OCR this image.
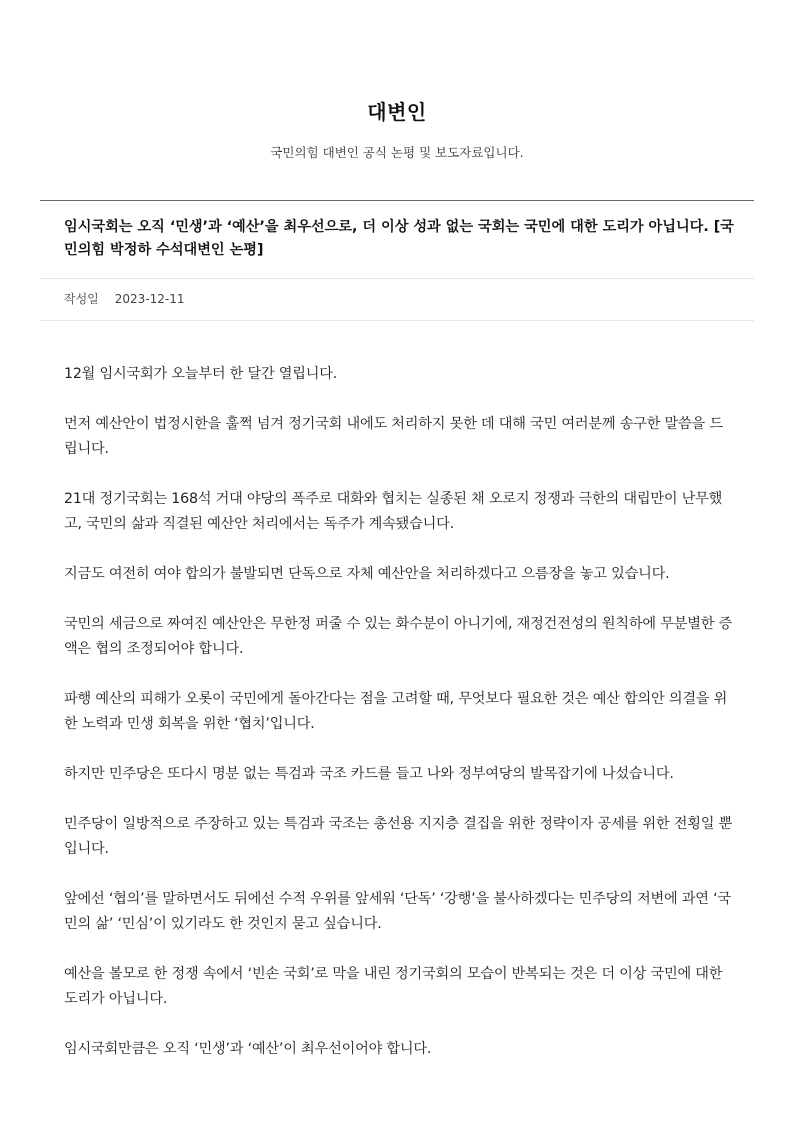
대변인
국민의힘 대변인 공식 논평 및 보도자료입니다.
임시국회는 오직 ‘민생’과 ‘예산’을 최우선으로, 더 이상 성과 없는 국회는 국민에 대한 도리가 아닙니다. [국민의힘 박정하 수석대변인 논평]
작성일 2023-12-11

12월 임시국회가 오늘부터 한 달간 열립니다.

먼저 예산안이 법정시한을 훌쩍 넘겨 정기국회 내에도 처리하지 못한 데 대해 국민 여러분께 송구한 말씀을 드립니다.

21대 정기국회는 168석 거대 야당의 폭주로 대화와 협치는 실종된 채 오로지 정쟁과 극한의 대립만이 난무했고, 국민의 삶과 직결된 예산안 처리에서는 독주가 계속됐습니다.

지금도 여전히 여야 합의가 불발되면 단독으로 자체 예산안을 처리하겠다고 으름장을 놓고 있습니다.

국민의 세금으로 짜여진 예산안은 무한정 퍼줄 수 있는 화수분이 아니기에, 재정건전성의 원칙하에 무분별한 증액은 협의 조정되어야 합니다.

파행 예산의 피해가 오롯이 국민에게 돌아간다는 점을 고려할 때, 무엇보다 필요한 것은 예산 합의안 의결을 위한 노력과 민생 회복을 위한 ‘협치’입니다.

하지만 민주당은 또다시 명분 없는 특검과 국조 카드를 들고 나와 정부여당의 발목잡기에 나섰습니다.

민주당이 일방적으로 주장하고 있는 특검과 국조는 총선용 지지층 결집을 위한 정략이자 공세를 위한 전횡일 뿐입니다.

앞에선 ‘협의’를 말하면서도 뒤에선 수적 우위를 앞세워 ‘단독’ ‘강행’을 불사하겠다는 민주당의 저변에 과연 ‘국민의 삶’ ‘민심’이 있기라도 한 것인지 묻고 싶습니다.

예산을 볼모로 한 정쟁 속에서 ‘빈손 국회’로 막을 내린 정기국회의 모습이 반복되는 것은 더 이상 국민에 대한 도리가 아닙니다.

임시국회만큼은 오직 ‘민생’과 ‘예산’이 최우선이어야 합니다.
